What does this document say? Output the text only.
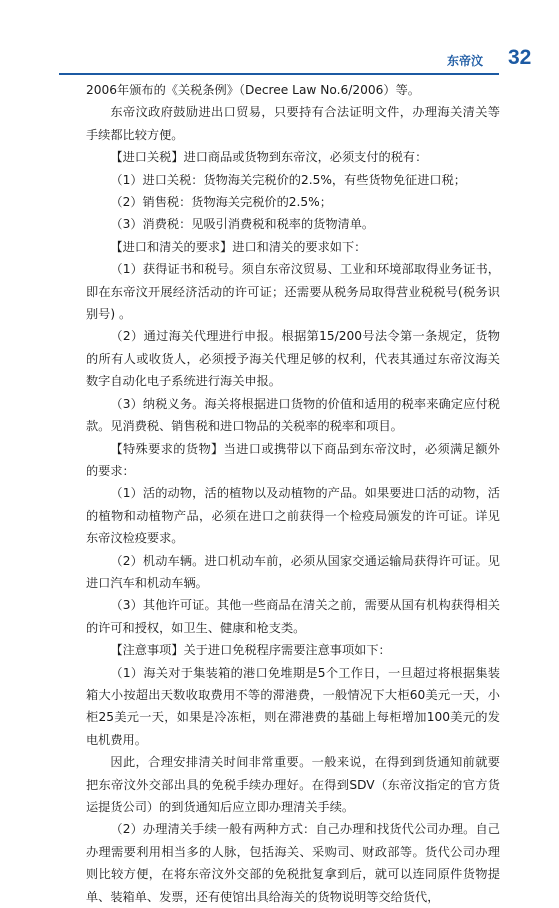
东帝汶 32

2006年颁布的《关税条例》（Decree Law No.6/2006）等。

东帝汶政府鼓励进出口贸易，只要持有合法证明文件，办理海关清关等手续都比较方便。

【进口关税】进口商品或货物到东帝汶，必须支付的税有：

（1）进口关税：货物海关完税价的2.5%，有些货物免征进口税；

（2）销售税：货物海关完税价的2.5%；

（3）消费税：见吸引消费税和税率的货物清单。

【进口和清关的要求】进口和清关的要求如下：

（1）获得证书和税号。须自东帝汶贸易、工业和环境部取得业务证书，即在东帝汶开展经济活动的许可证；还需要从税务局取得营业税税号(税务识别号) 。

（2）通过海关代理进行申报。根据第15/200号法令第一条规定，货物的所有人或收货人，必须授予海关代理足够的权利，代表其通过东帝汶海关数字自动化电子系统进行海关申报。

（3）纳税义务。海关将根据进口货物的价值和适用的税率来确定应付税款。见消费税、销售税和进口物品的关税率的税率和项目。

【特殊要求的货物】当进口或携带以下商品到东帝汶时，必须满足额外的要求：

（1）活的动物，活的植物以及动植物的产品。如果要进口活的动物，活的植物和动植物产品，必须在进口之前获得一个检疫局颁发的许可证。详见东帝汶检疫要求。

（2）机动车辆。进口机动车前，必须从国家交通运输局获得许可证。见进口汽车和机动车辆。

（3）其他许可证。其他一些商品在清关之前，需要从国有机构获得相关的许可和授权，如卫生、健康和枪支类。

【注意事项】关于进口免税程序需要注意事项如下：

（1）海关对于集装箱的港口免堆期是5个工作日，一旦超过将根据集装箱大小按超出天数收取费用不等的滞港费，一般情况下大柜60美元一天，小柜25美元一天，如果是冷冻柜，则在滞港费的基础上每柜增加100美元的发电机费用。

因此，合理安排清关时间非常重要。一般来说，在得到到货通知前就要把东帝汶外交部出具的免税手续办理好。在得到SDV（东帝汶指定的官方货运提货公司）的到货通知后应立即办理清关手续。

（2）办理清关手续一般有两种方式：自己办理和找货代公司办理。自己办理需要利用相当多的人脉，包括海关、采购司、财政部等。货代公司办理则比较方便，在将东帝汶外交部的免税批复拿到后，就可以连同原件货物提单、装箱单、发票，还有使馆出具给海关的货物说明等交给货代，
